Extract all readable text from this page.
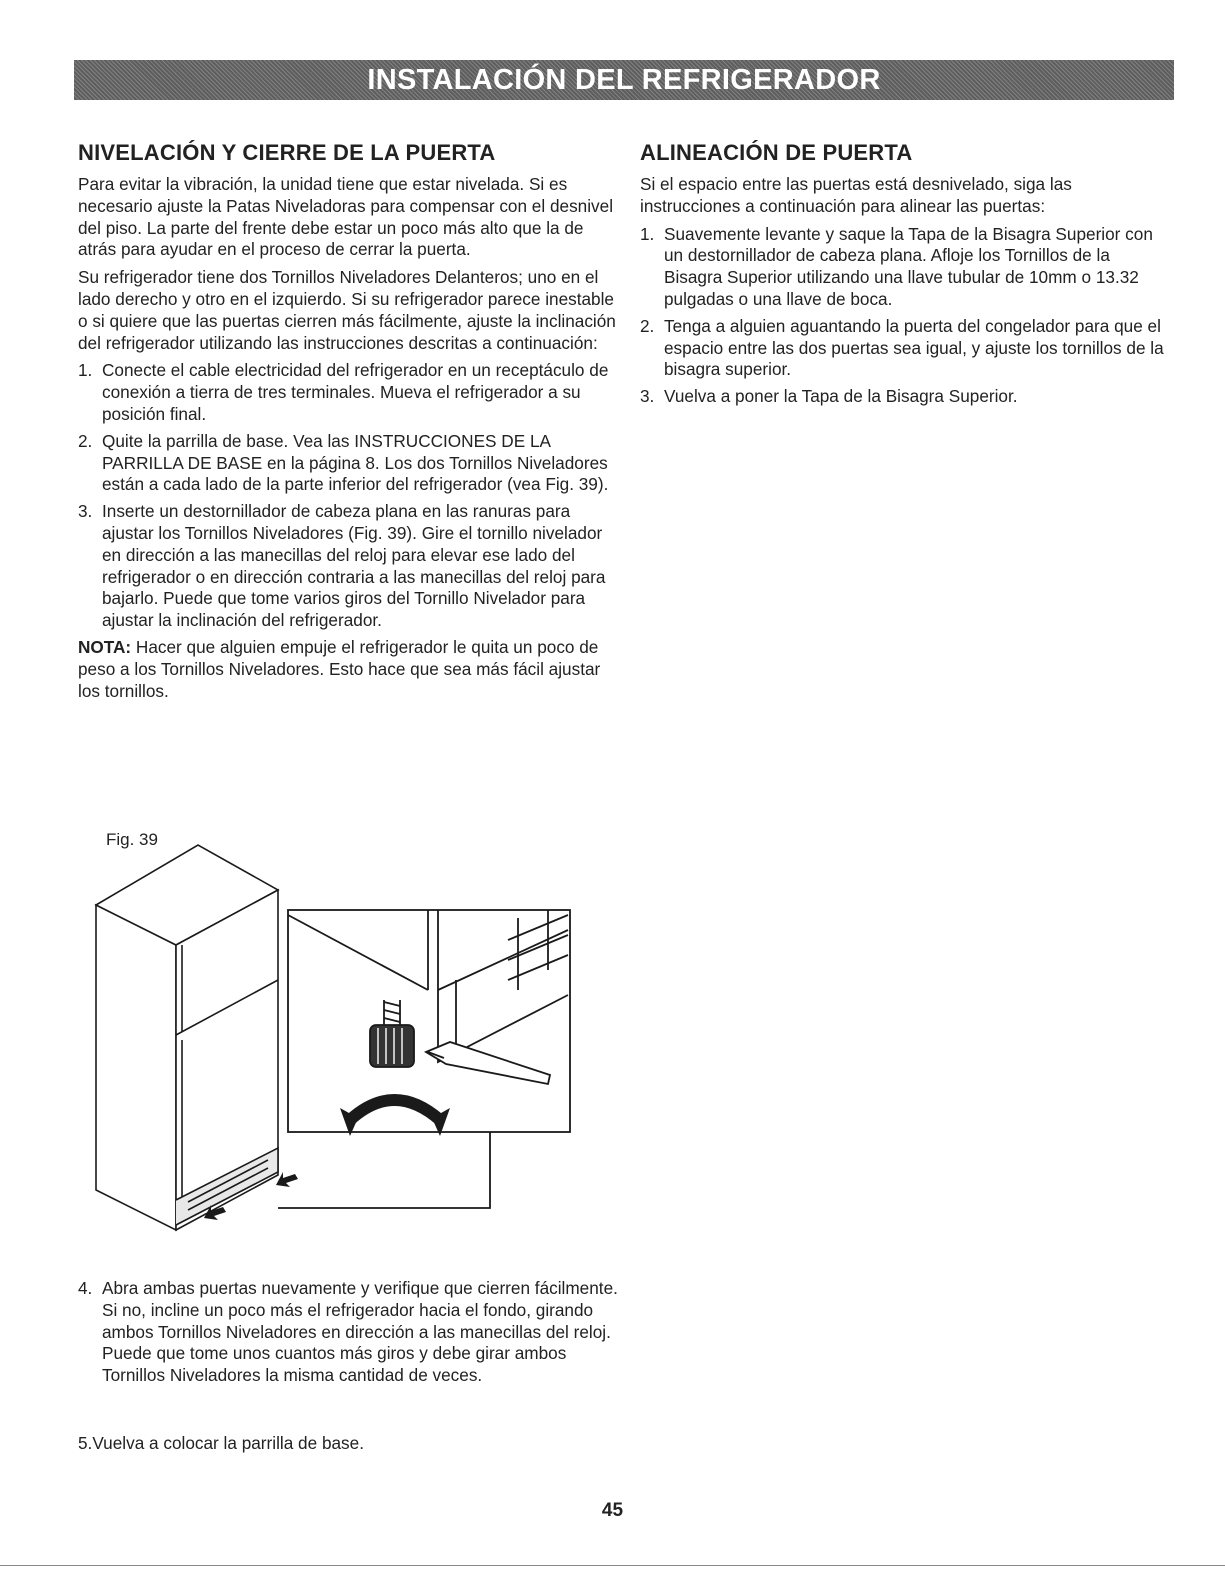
INSTALACIÓN DEL REFRIGERADOR
NIVELACIÓN Y CIERRE DE LA PUERTA

Para evitar la vibración, la unidad tiene que estar nivelada. Si es necesario ajuste la Patas Niveladoras para compensar con el desnivel del piso. La parte del frente debe estar un poco más alto que la de atrás para ayudar en el proceso de cerrar la puerta.

Su refrigerador tiene dos Tornillos Niveladores Delanteros; uno en el lado derecho y otro en el izquierdo. Si su refrigerador parece inestable o si quiere que las puertas cierren más fácilmente, ajuste la inclinación del refrigerador utilizando las instrucciones descritas a continuación:

1. Conecte el cable electricidad del refrigerador en un receptáculo de conexión a tierra de tres terminales. Mueva el refrigerador a su posición final.
2. Quite la parrilla de base. Vea las INSTRUCCIONES DE LA PARRILLA DE BASE en la página 8. Los dos Tornillos Niveladores están a cada lado de la parte inferior del refrigerador (vea Fig. 39).
3. Inserte un destornillador de cabeza plana en las ranuras para ajustar los Tornillos Niveladores (Fig. 39). Gire el tornillo nivelador en dirección a las manecillas del reloj para elevar ese lado del refrigerador o en dirección contraria a las manecillas del reloj para bajarlo. Puede que tome varios giros del Tornillo Nivelador para ajustar la inclinación del refrigerador.

NOTA: Hacer que alguien empuje el refrigerador le quita un poco de peso a los Tornillos Niveladores. Esto hace que sea más fácil ajustar los tornillos.

Fig. 39
4. Abra ambas puertas nuevamente y verifique que cierren fácilmente. Si no, incline un poco más el refrigerador hacia el fondo, girando ambos Tornillos Niveladores en dirección a las manecillas del reloj. Puede que tome unos cuantos más giros y debe girar ambos Tornillos Niveladores la misma cantidad de veces.

5.Vuelva a colocar la parrilla de base.

ALINEACIÓN DE PUERTA

Si el espacio entre las puertas está desnivelado, siga las instrucciones a continuación para alinear las puertas:

1. Suavemente levante y saque la Tapa de la Bisagra Superior con un destornillador de cabeza plana. Afloje los Tornillos de la Bisagra Superior utilizando una llave tubular de 10mm o 13.32 pulgadas o una llave de boca.
2. Tenga a alguien aguantando la puerta del congelador para que el espacio entre las dos puertas sea igual, y ajuste los tornillos de la bisagra superior.
3. Vuelva a poner la Tapa de la Bisagra Superior.
45
